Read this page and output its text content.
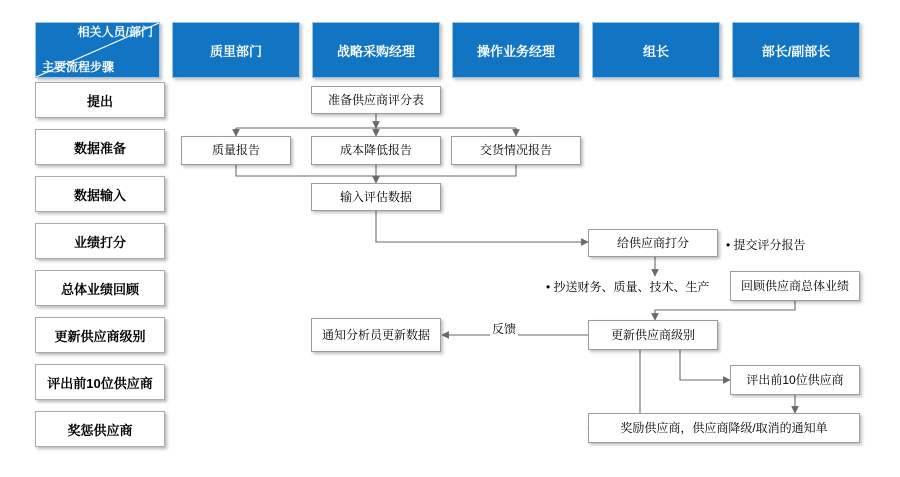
相关人员/部门
主要流程步骤
质里部门	战略采购经理	操作业务经理	组长	部长/副部长
提出
数据准备
数据输入
业绩打分
总体业绩回顾
更新供应商级别
评出前10位供应商
奖惩供应商
准备供应商评分表
质量报告	成本降低报告	交货情况报告
输入评估数据
给供应商打分
回顾供应商总体业绩
通知分析员更新数据	更新供应商级别
评出前10位供应商
奖励供应商，供应商降级/取消的通知单
• 提交评分报告
• 抄送财务、质量、技术、生产
反馈
